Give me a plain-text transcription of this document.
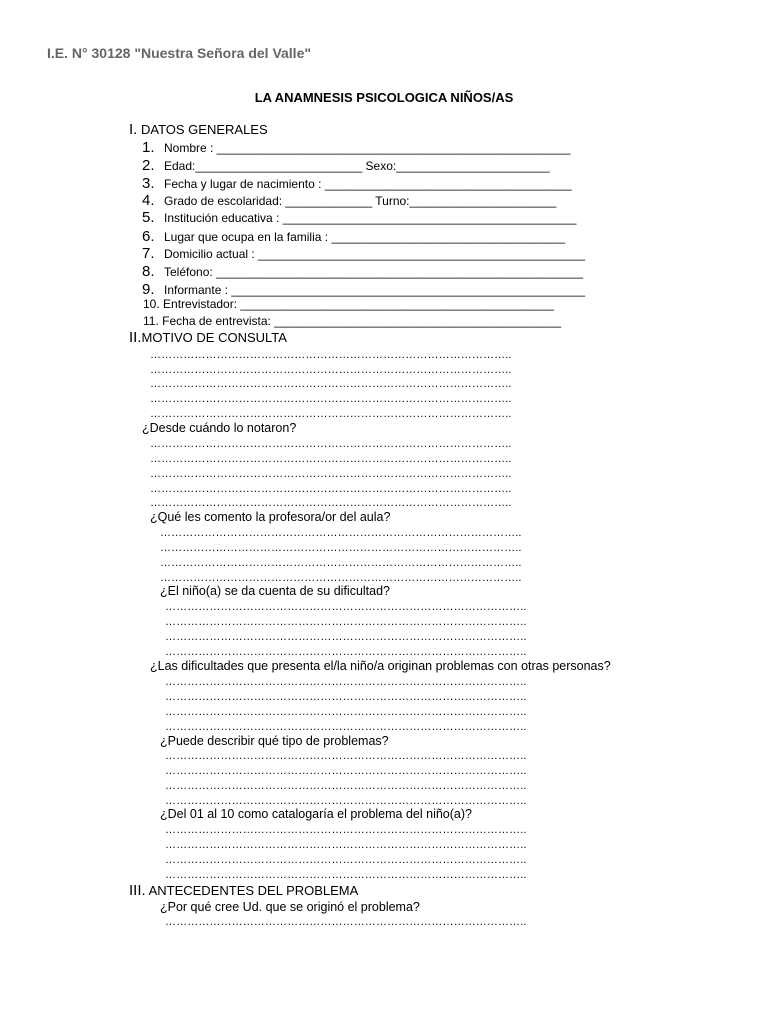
I.E. N° 30128 "Nuestra Señora del Valle"
LA ANAMNESIS PSICOLOGICA NIÑOS/AS
I. DATOS GENERALES
1. Nombre : _____________________________________________________
2. Edad:_________________________ Sexo:_______________________
3. Fecha y lugar de nacimiento : _____________________________________
4. Grado de escolaridad: _____________ Turno:______________________
5. Institución educativa : ____________________________________________
6. Lugar que ocupa en la familia : ___________________________________
7. Domicilio actual : _________________________________________________
8. Teléfono: _______________________________________________________
9. Informante : _____________________________________________________
10. Entrevistador: _______________________________________________
11. Fecha de entrevista: ___________________________________________
II.MOTIVO DE CONSULTA
……………………………………………………………………………………..
……………………………………………………………………………………..
……………………………………………………………………………………..
……………………………………………………………………………………..
……………………………………………………………………………………..
¿Desde cuándo lo notaron?
……………………………………………………………………………………..
……………………………………………………………………………………..
……………………………………………………………………………………..
……………………………………………………………………………………..
……………………………………………………………………………………..
¿Qué les comento la profesora/or del aula?
……………………………………………………………………………………..
……………………………………………………………………………………..
……………………………………………………………………………………..
……………………………………………………………………………………..
¿El niño(a) se da cuenta de su dificultad?
……………………………………………………………………………………..
……………………………………………………………………………………..
……………………………………………………………………………………..
……………………………………………………………………………………..
¿Las dificultades que presenta el/la niño/a originan problemas con otras personas?
……………………………………………………………………………………..
……………………………………………………………………………………..
……………………………………………………………………………………..
……………………………………………………………………………………..
¿Puede describir qué tipo de problemas?
……………………………………………………………………………………..
……………………………………………………………………………………..
……………………………………………………………………………………..
……………………………………………………………………………………..
¿Del 01 al 10 como catalogaría el problema del niño(a)?
……………………………………………………………………………………..
……………………………………………………………………………………..
……………………………………………………………………………………..
……………………………………………………………………………………..
III. ANTECEDENTES DEL PROBLEMA
¿Por qué cree Ud. que se originó el problema?
……………………………………………………………………………………..
